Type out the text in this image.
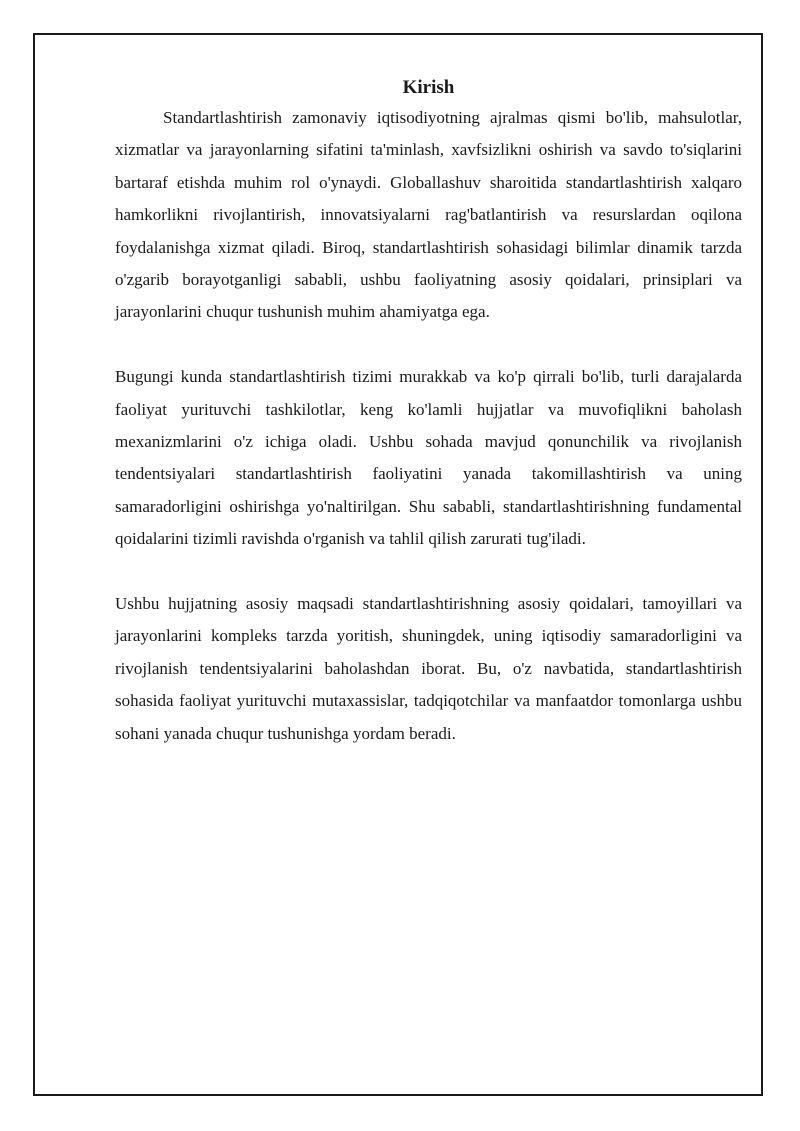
Kirish

Standartlashtirish zamonaviy iqtisodiyotning ajralmas qismi bo'lib, mahsulotlar, xizmatlar va jarayonlarning sifatini ta'minlash, xavfsizlikni oshirish va savdo to'siqlarini bartaraf etishda muhim rol o'ynaydi. Globallashuv sharoitida standartlashtirish xalqaro hamkorlikni rivojlantirish, innovatsiyalarni rag'batlantirish va resurslardan oqilona foydalanishga xizmat qiladi. Biroq, standartlashtirish sohasidagi bilimlar dinamik tarzda o'zgarib borayotganligi sababli, ushbu faoliyatning asosiy qoidalari, prinsiplari va jarayonlarini chuqur tushunish muhim ahamiyatga ega.

Bugungi kunda standartlashtirish tizimi murakkab va ko'p qirrali bo'lib, turli darajalarda faoliyat yurituvchi tashkilotlar, keng ko'lamli hujjatlar va muvofiqlikni baholash mexanizmlarini o'z ichiga oladi. Ushbu sohada mavjud qonunchilik va rivojlanish tendentsiyalari standartlashtirish faoliyatini yanada takomillashtirish va uning samaradorligini oshirishga yo'naltirilgan. Shu sababli, standartlashtirishning fundamental qoidalarini tizimli ravishda o'rganish va tahlil qilish zarurati tug'iladi.

Ushbu hujjatning asosiy maqsadi standartlashtirishning asosiy qoidalari, tamoyillari va jarayonlarini kompleks tarzda yoritish, shuningdek, uning iqtisodiy samaradorligini va rivojlanish tendentsiyalarini baholashdan iborat. Bu, o'z navbatida, standartlashtirish sohasida faoliyat yurituvchi mutaxassislar, tadqiqotchilar va manfaatdor tomonlarga ushbu sohani yanada chuqur tushunishga yordam beradi.
